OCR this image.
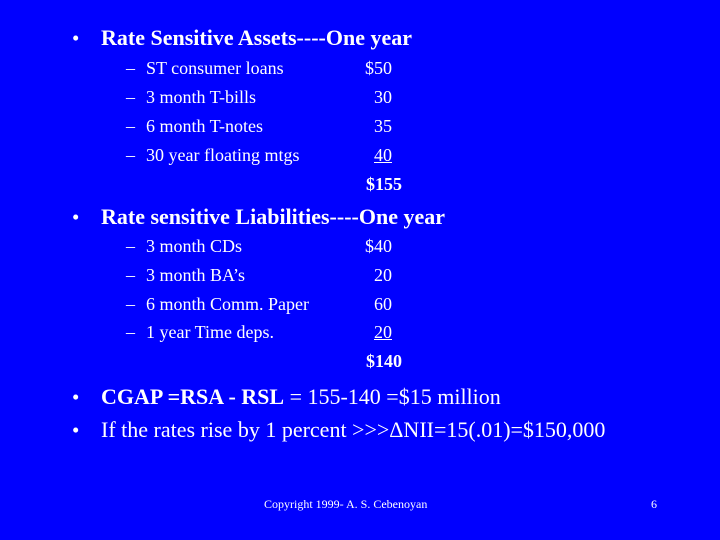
• Rate Sensitive Assets----One year
– ST consumer loans	$50
– 3 month T-bills	30
– 6 month T-notes	35
– 30 year floating mtgs	40
$155
• Rate sensitive Liabilities----One year
– 3 month CDs	$40
– 3 month BA’s	20
– 6 month Comm. Paper	60
– 1 year Time deps.	20
$140
• CGAP =RSA - RSL = 155-140 =$15 million
• If the rates rise by 1 percent >>>ΔNII=15(.01)=$150,000
Copyright 1999- A. S. Cebenoyan	6
